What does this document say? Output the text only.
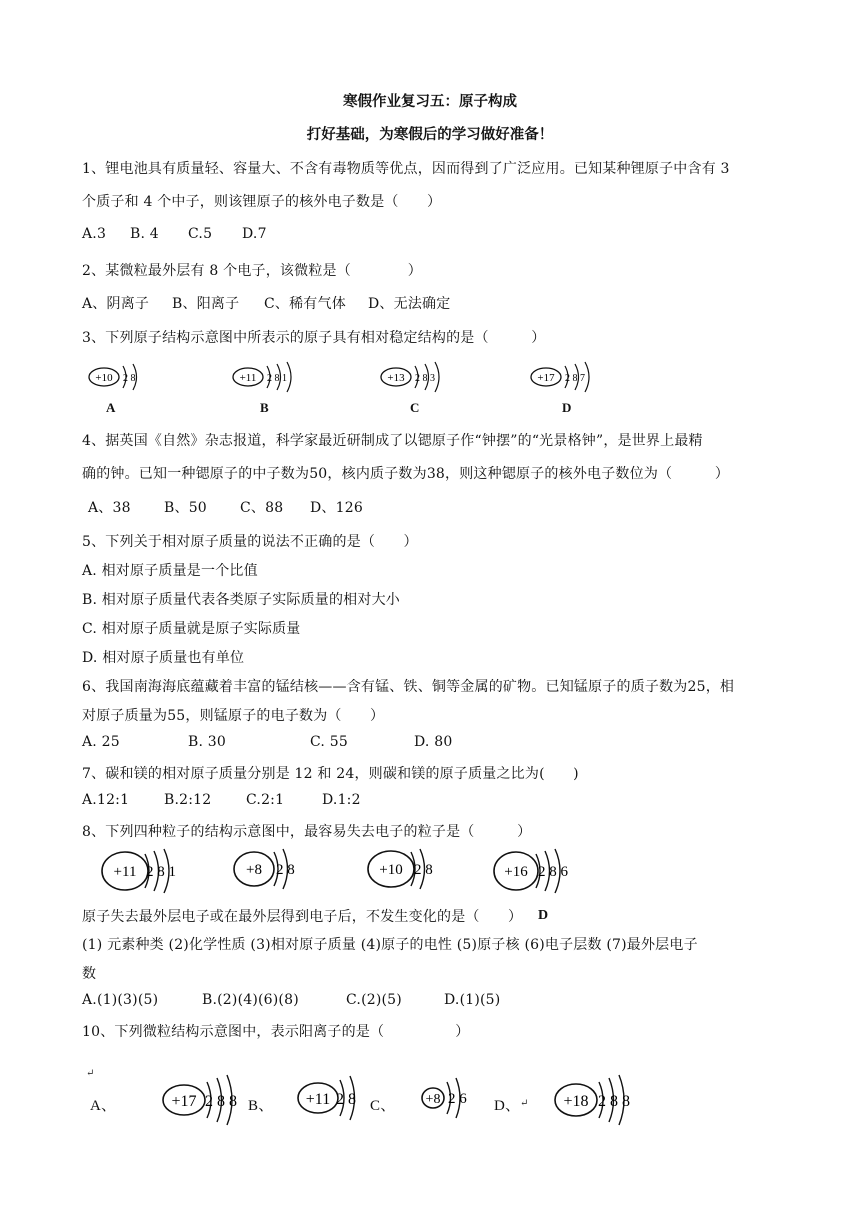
寒假作业复习五：原子构成
打好基础，为寒假后的学习做好准备！
1、锂电池具有质量轻、容量大、不含有毒物质等优点，因而得到了广泛应用。已知某种锂原子中含有 3
个质子和 4 个中子，则该锂原子的核外电子数是（　　）
A.3 B. 4 C.5 D.7
2、某微粒最外层有 8 个电子，该微粒是（　　　　）
A、阴离子 B、阳离子 C、稀有气体 D、无法确定
3、下列原子结构示意图中所表示的原子具有相对稳定结构的是（　　　）
+10 2 8
A
+11 2 8 1
B
+13 2 8 3
C
+17 2 8 7
D
4、据英国《自然》杂志报道，科学家最近研制成了以锶原子作“钟摆”的“光景格钟”，是世界上最精
确的钟。已知一种锶原子的中子数为50，核内质子数为38，则这种锶原子的核外电子数位为（　　　）
A、38 B、50 C、88 D、126
5、下列关于相对原子质量的说法不正确的是（　　）
A. 相对原子质量是一个比值
B. 相对原子质量代表各类原子实际质量的相对大小
C. 相对原子质量就是原子实际质量
D. 相对原子质量也有单位
6、我国南海海底蕴藏着丰富的锰结核——含有锰、铁、铜等金属的矿物。已知锰原子的质子数为25，相
对原子质量为55，则锰原子的电子数为（　　）
A. 25	B. 30	C. 55	D. 80
7、碳和镁的相对原子质量分别是 12 和 24，则碳和镁的原子质量之比为(　　)
A.12:1 B.2:12 C.2:1	D.1:2
8、下列四种粒子的结构示意图中，最容易失去电子的粒子是（　　　）
+11 2 8 1	+8 2 8	+10 2 8	+16 2 8 6
D
原子失去最外层电子或在最外层得到电子后，不发生变化的是（　　）
(1) 元素种类 (2)化学性质 (3)相对原子质量 (4)原子的电性 (5)原子核 (6)电子层数 (7)最外层电子
数
A.(1)(3)(5)	B.(2)(4)(6)(8)	C.(2)(5)	D.(1)(5)
10、下列微粒结构示意图中，表示阳离子的是（　　　　　）
↵
A、	+17 2 8 8 B、 +11 2 8 C、 +8 2 6 D、 ↵ +18 2 8 8
